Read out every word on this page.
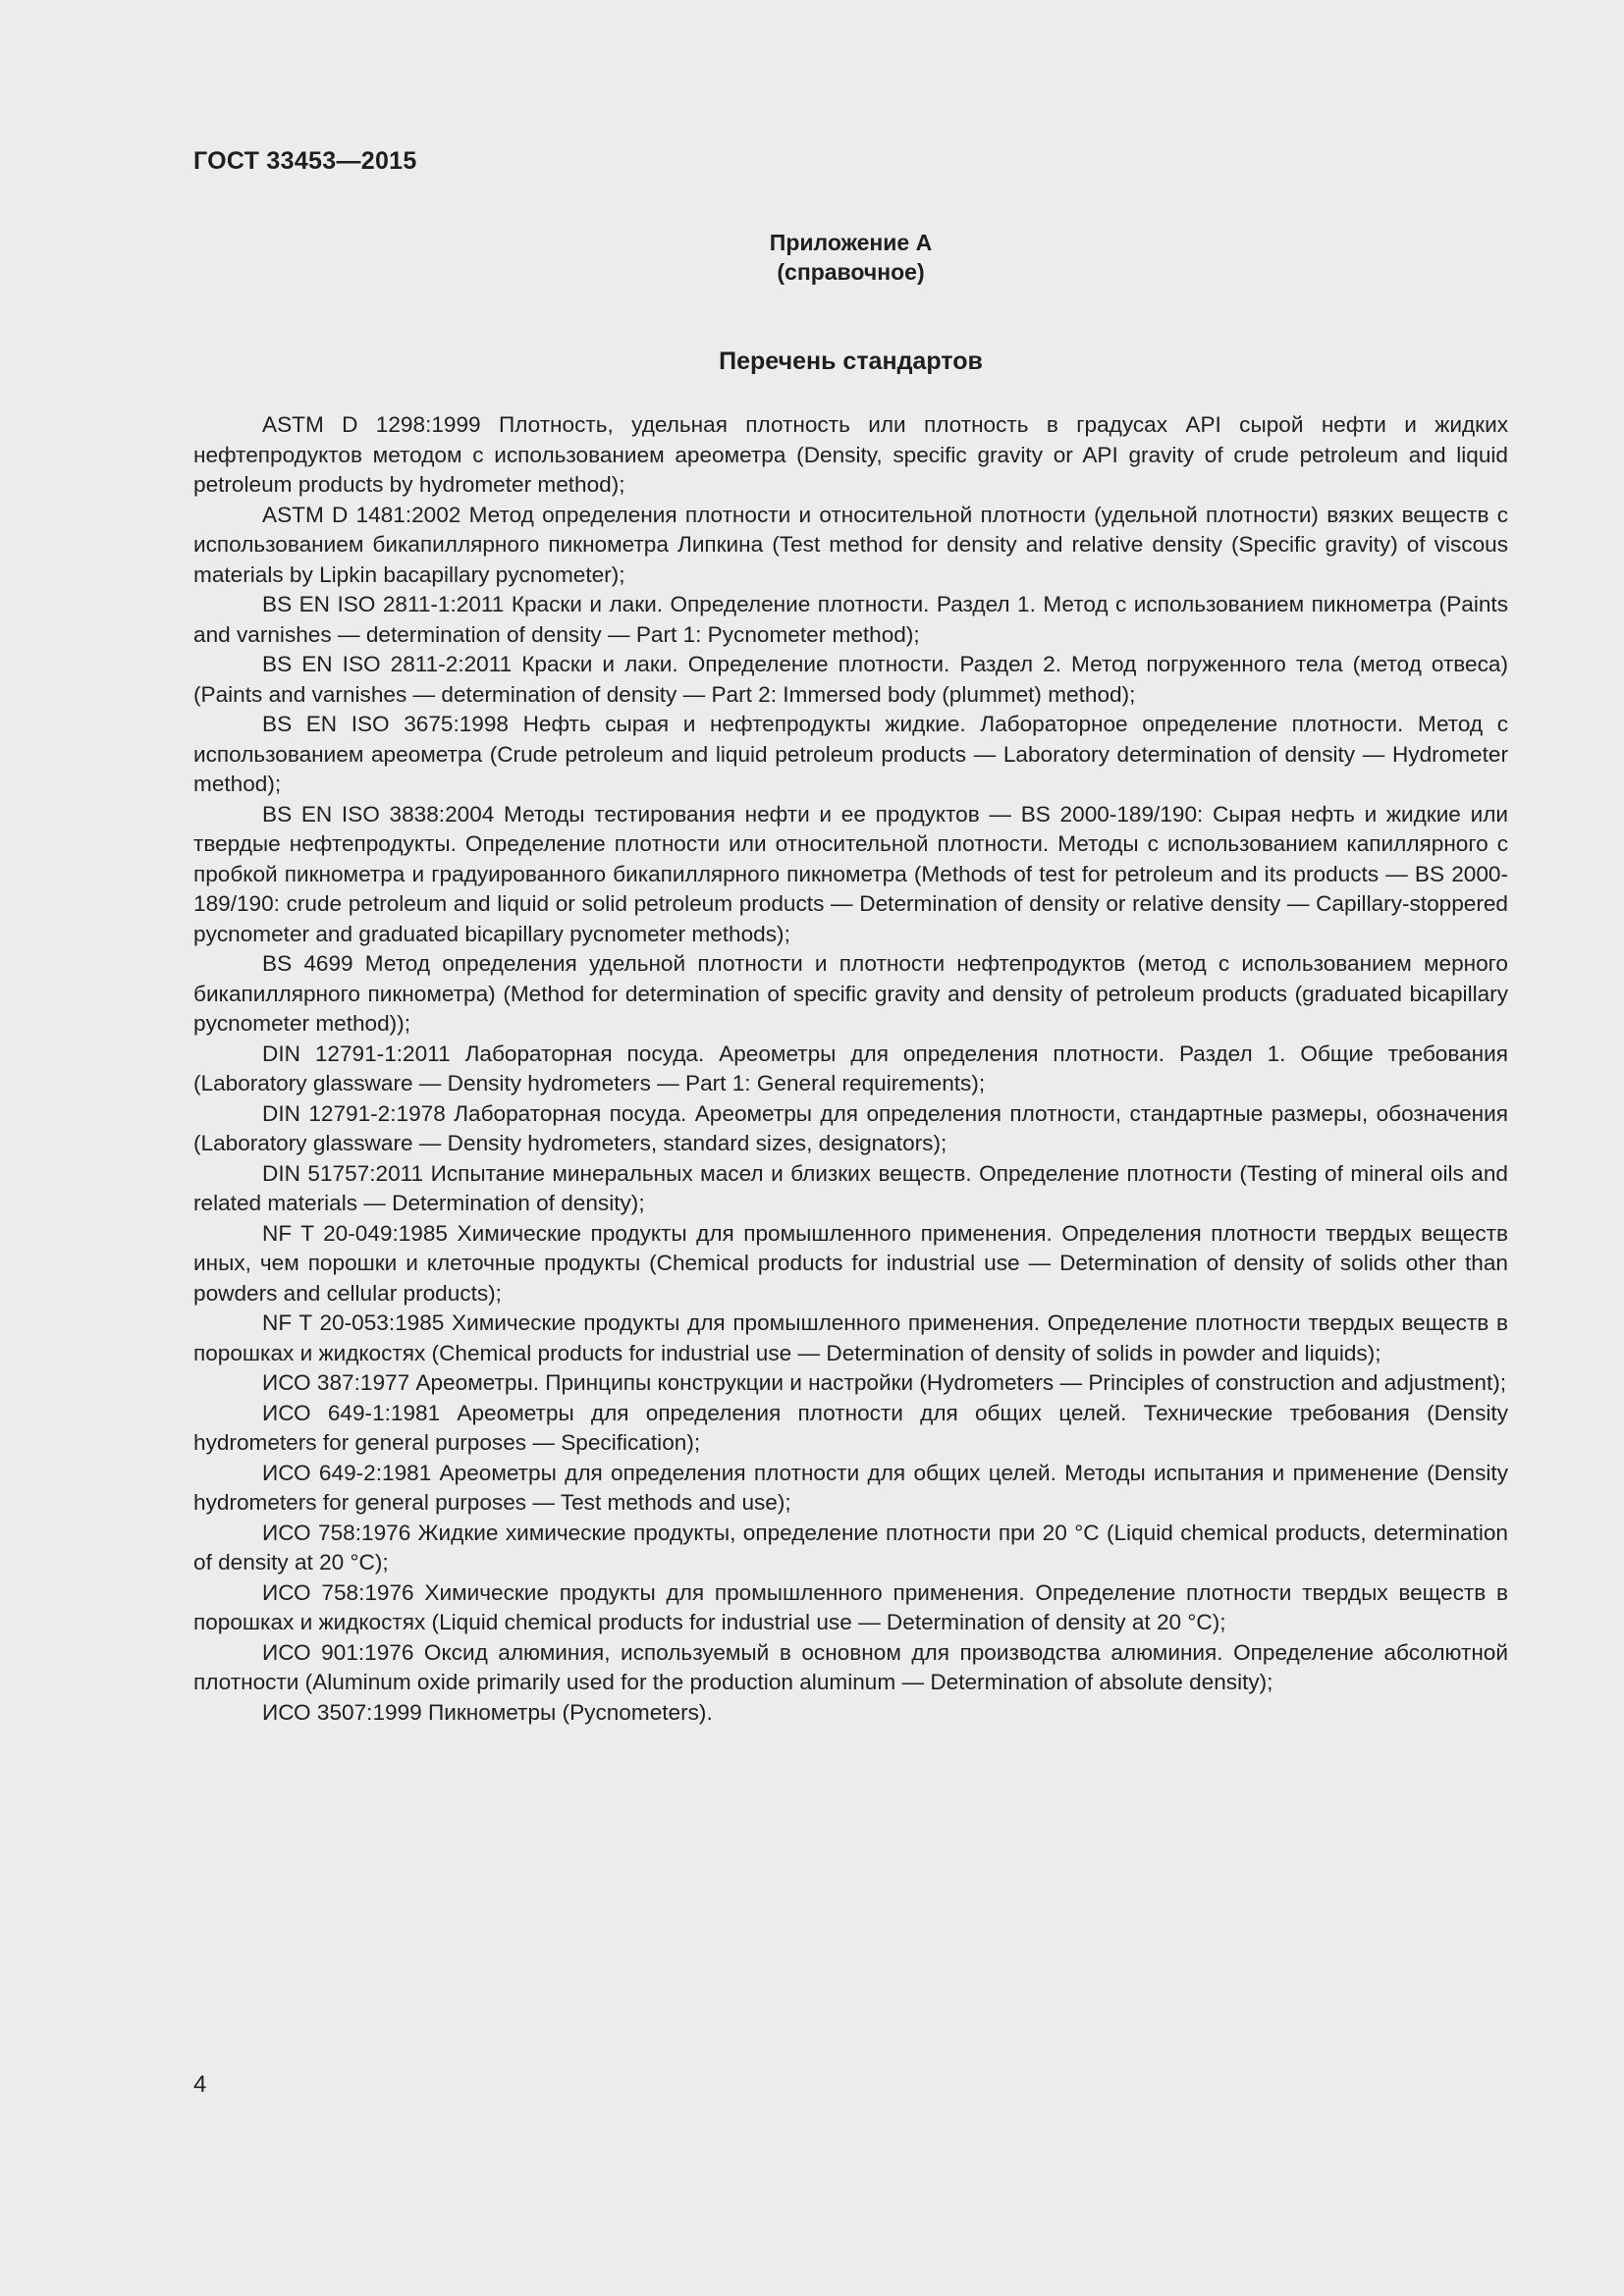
ГОСТ 33453—2015
Приложение А
(справочное)
Перечень стандартов

ASTM D 1298:1999 Плотность, удельная плотность или плотность в градусах API сырой нефти и жидких нефтепродуктов методом с использованием ареометра (Density, specific gravity or API gravity of crude petroleum and liquid petroleum products by hydrometer method);

ASTM D 1481:2002 Метод определения плотности и относительной плотности (удельной плотности) вязких веществ с использованием бикапиллярного пикнометра Липкина (Test method for density and relative density (Specific gravity) of viscous materials by Lipkin bacapillary pycnometer);

BS EN ISO 2811-1:2011 Краски и лаки. Определение плотности. Раздел 1. Метод с использованием пикнометра (Paints and varnishes — determination of density — Part 1: Pycnometer method);

BS EN ISO 2811-2:2011 Краски и лаки. Определение плотности. Раздел 2. Метод погруженного тела (метод отвеса) (Paints and varnishes — determination of density — Part 2: Immersed body (plummet) method);

BS EN ISO 3675:1998 Нефть сырая и нефтепродукты жидкие. Лабораторное определение плотности. Метод с использованием ареометра (Crude petroleum and liquid petroleum products — Laboratory determination of density — Hydrometer method);

BS EN ISO 3838:2004 Методы тестирования нефти и ее продуктов — BS 2000-189/190: Сырая нефть и жидкие или твердые нефтепродукты. Определение плотности или относительной плотности. Методы с использованием капиллярного с пробкой пикнометра и градуированного бикапиллярного пикнометра (Methods of test for petroleum and its products — BS 2000-189/190: crude petroleum and liquid or solid petroleum products — Determination of density or relative density — Capillary-stoppered pycnometer and graduated bicapillary pycnometer methods);

BS 4699 Метод определения удельной плотности и плотности нефтепродуктов (метод с использованием мерного бикапиллярного пикнометра) (Method for determination of specific gravity and density of petroleum products (graduated bicapillary pycnometer method));

DIN 12791-1:2011 Лабораторная посуда. Ареометры для определения плотности. Раздел 1. Общие требования (Laboratory glassware — Density hydrometers — Part 1: General requirements);

DIN 12791-2:1978 Лабораторная посуда. Ареометры для определения плотности, стандартные размеры, обозначения (Laboratory glassware — Density hydrometers, standard sizes, designators);

DIN 51757:2011 Испытание минеральных масел и близких веществ. Определение плотности (Testing of mineral oils and related materials — Determination of density);

NF T 20-049:1985 Химические продукты для промышленного применения. Определения плотности твердых веществ иных, чем порошки и клеточные продукты (Chemical products for industrial use — Determination of density of solids other than powders and cellular products);

NF T 20-053:1985 Химические продукты для промышленного применения. Определение плотности твердых веществ в порошках и жидкостях (Chemical products for industrial use — Determination of density of solids in powder and liquids);

ИСО 387:1977 Ареометры. Принципы конструкции и настройки (Hydrometers — Principles of construction and adjustment);

ИСО 649-1:1981 Ареометры для определения плотности для общих целей. Технические требования (Density hydrometers for general purposes — Specification);

ИСО 649-2:1981 Ареометры для определения плотности для общих целей. Методы испытания и применение (Density hydrometers for general purposes — Test methods and use);

ИСО 758:1976 Жидкие химические продукты, определение плотности при 20 °С (Liquid chemical products, determination of density at 20 °C);

ИСО 758:1976 Химические продукты для промышленного применения. Определение плотности твердых веществ в порошках и жидкостях (Liquid chemical products for industrial use — Determination of density at 20 °C);

ИСО 901:1976 Оксид алюминия, используемый в основном для производства алюминия. Определение абсолютной плотности (Aluminum oxide primarily used for the production aluminum — Determination of absolute density);

ИСО 3507:1999 Пикнометры (Pycnometers).

4
